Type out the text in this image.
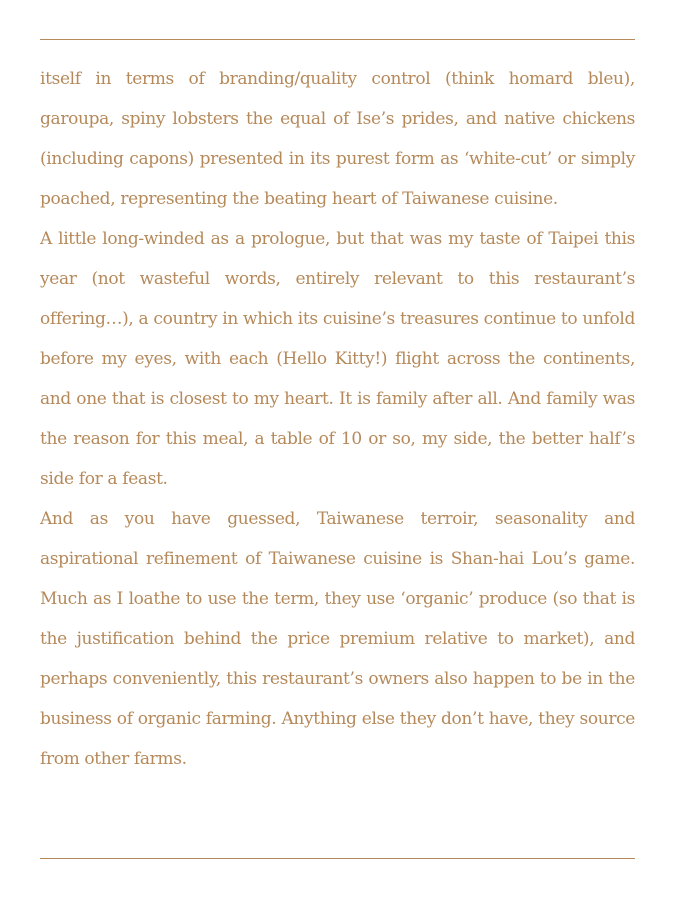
itself in terms of branding/quality control (think homard bleu), garoupa, spiny lobsters the equal of Ise’s prides, and native chickens (including capons) presented in its purest form as ‘white-cut’ or simply poached, representing the beating heart of Taiwanese cuisine.

A little long-winded as a prologue, but that was my taste of Taipei this year (not wasteful words, entirely relevant to this restaurant’s offering…), a country in which its cuisine’s treasures continue to unfold before my eyes, with each (Hello Kitty!) flight across the continents, and one that is closest to my heart. It is family after all. And family was the reason for this meal, a table of 10 or so, my side, the better half’s side for a feast.

And as you have guessed, Taiwanese terroir, seasonality and aspirational refinement of Taiwanese cuisine is Shan-hai Lou’s game. Much as I loathe to use the term, they use ‘organic’ produce (so that is the justification behind the price premium relative to market), and perhaps conveniently, this restaurant’s owners also happen to be in the business of organic farming. Anything else they don’t have, they source from other farms.
